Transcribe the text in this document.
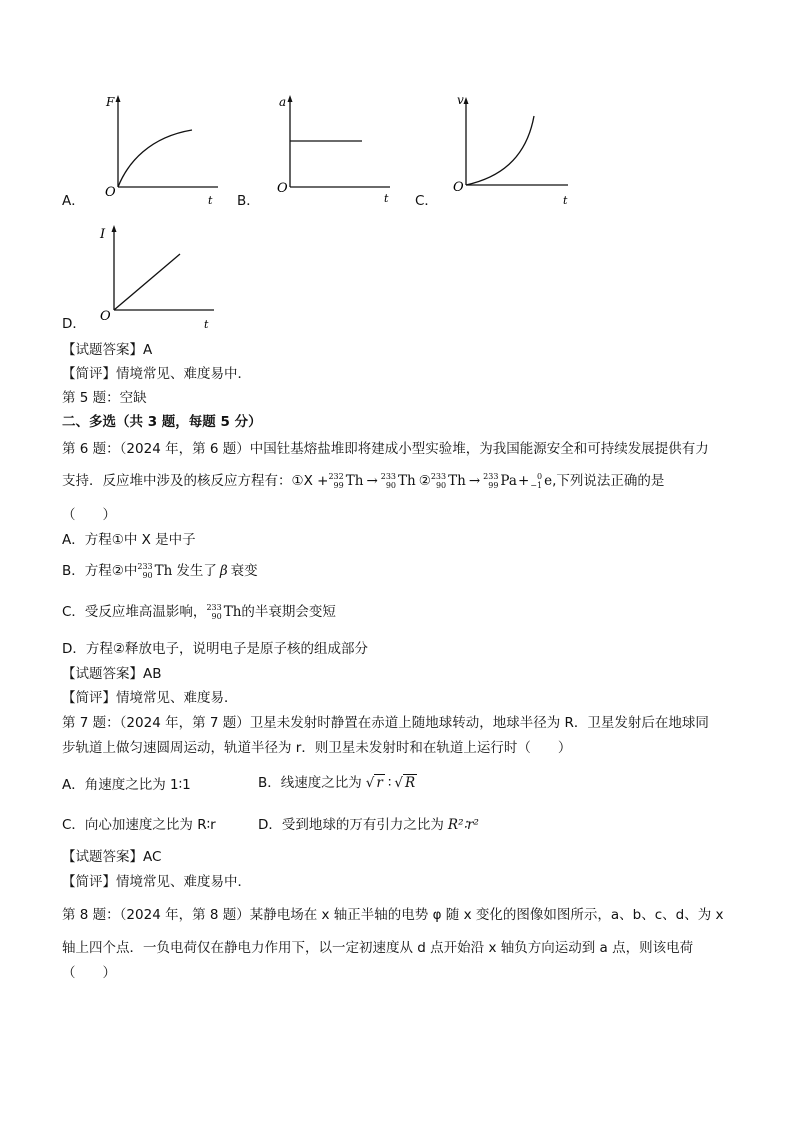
A．
F
O
t B．
a
O
t C．
v
O
t
D．
I
O
t
【试题答案】A
【简评】情境常见、难度易中．
第 5 题：空缺
二、多选（共 3 题，每题 5 分）
第 6 题：（2024 年，第 6 题）中国钍基熔盐堆即将建成小型实验堆，为我国能源安全和可持续发展提供有力
支持．反应堆中涉及的核反应方程有：①X + 232
99 Th → 233
90 Th ② 233
90 Th → 233
99 Pa + 0
−1 e ,下列说法正确的是
（　　）
A．方程①中 X 是中子
B．方程②中 233
90 Th 发生了 β 衰变
C．受反应堆高温影响， 233
90 Th 的半衰期会变短
D．方程②释放电子，说明电子是原子核的组成部分
【试题答案】AB
【简评】情境常见、难度易．
第 7 题：（2024 年，第 7 题）卫星未发射时静置在赤道上随地球转动，地球半径为 R．卫星发射后在地球同
步轨道上做匀速圆周运动，轨道半径为 r．则卫星未发射时和在轨道上运行时（　　）
A．角速度之比为 1∶1	B．线速度之比为 √ r ∶ √ R
C．向心加速度之比为 R∶r	D．受到地球的万有引力之比为 R²∶r²
【试题答案】AC
【简评】情境常见、难度易中．
第 8 题：（2024 年，第 8 题）某静电场在 x 轴正半轴的电势 φ 随 x 变化的图像如图所示，a、b、c、d、为 x
轴上四个点．一负电荷仅在静电力作用下，以一定初速度从 d 点开始沿 x 轴负方向运动到 a 点，则该电荷
（　　）
